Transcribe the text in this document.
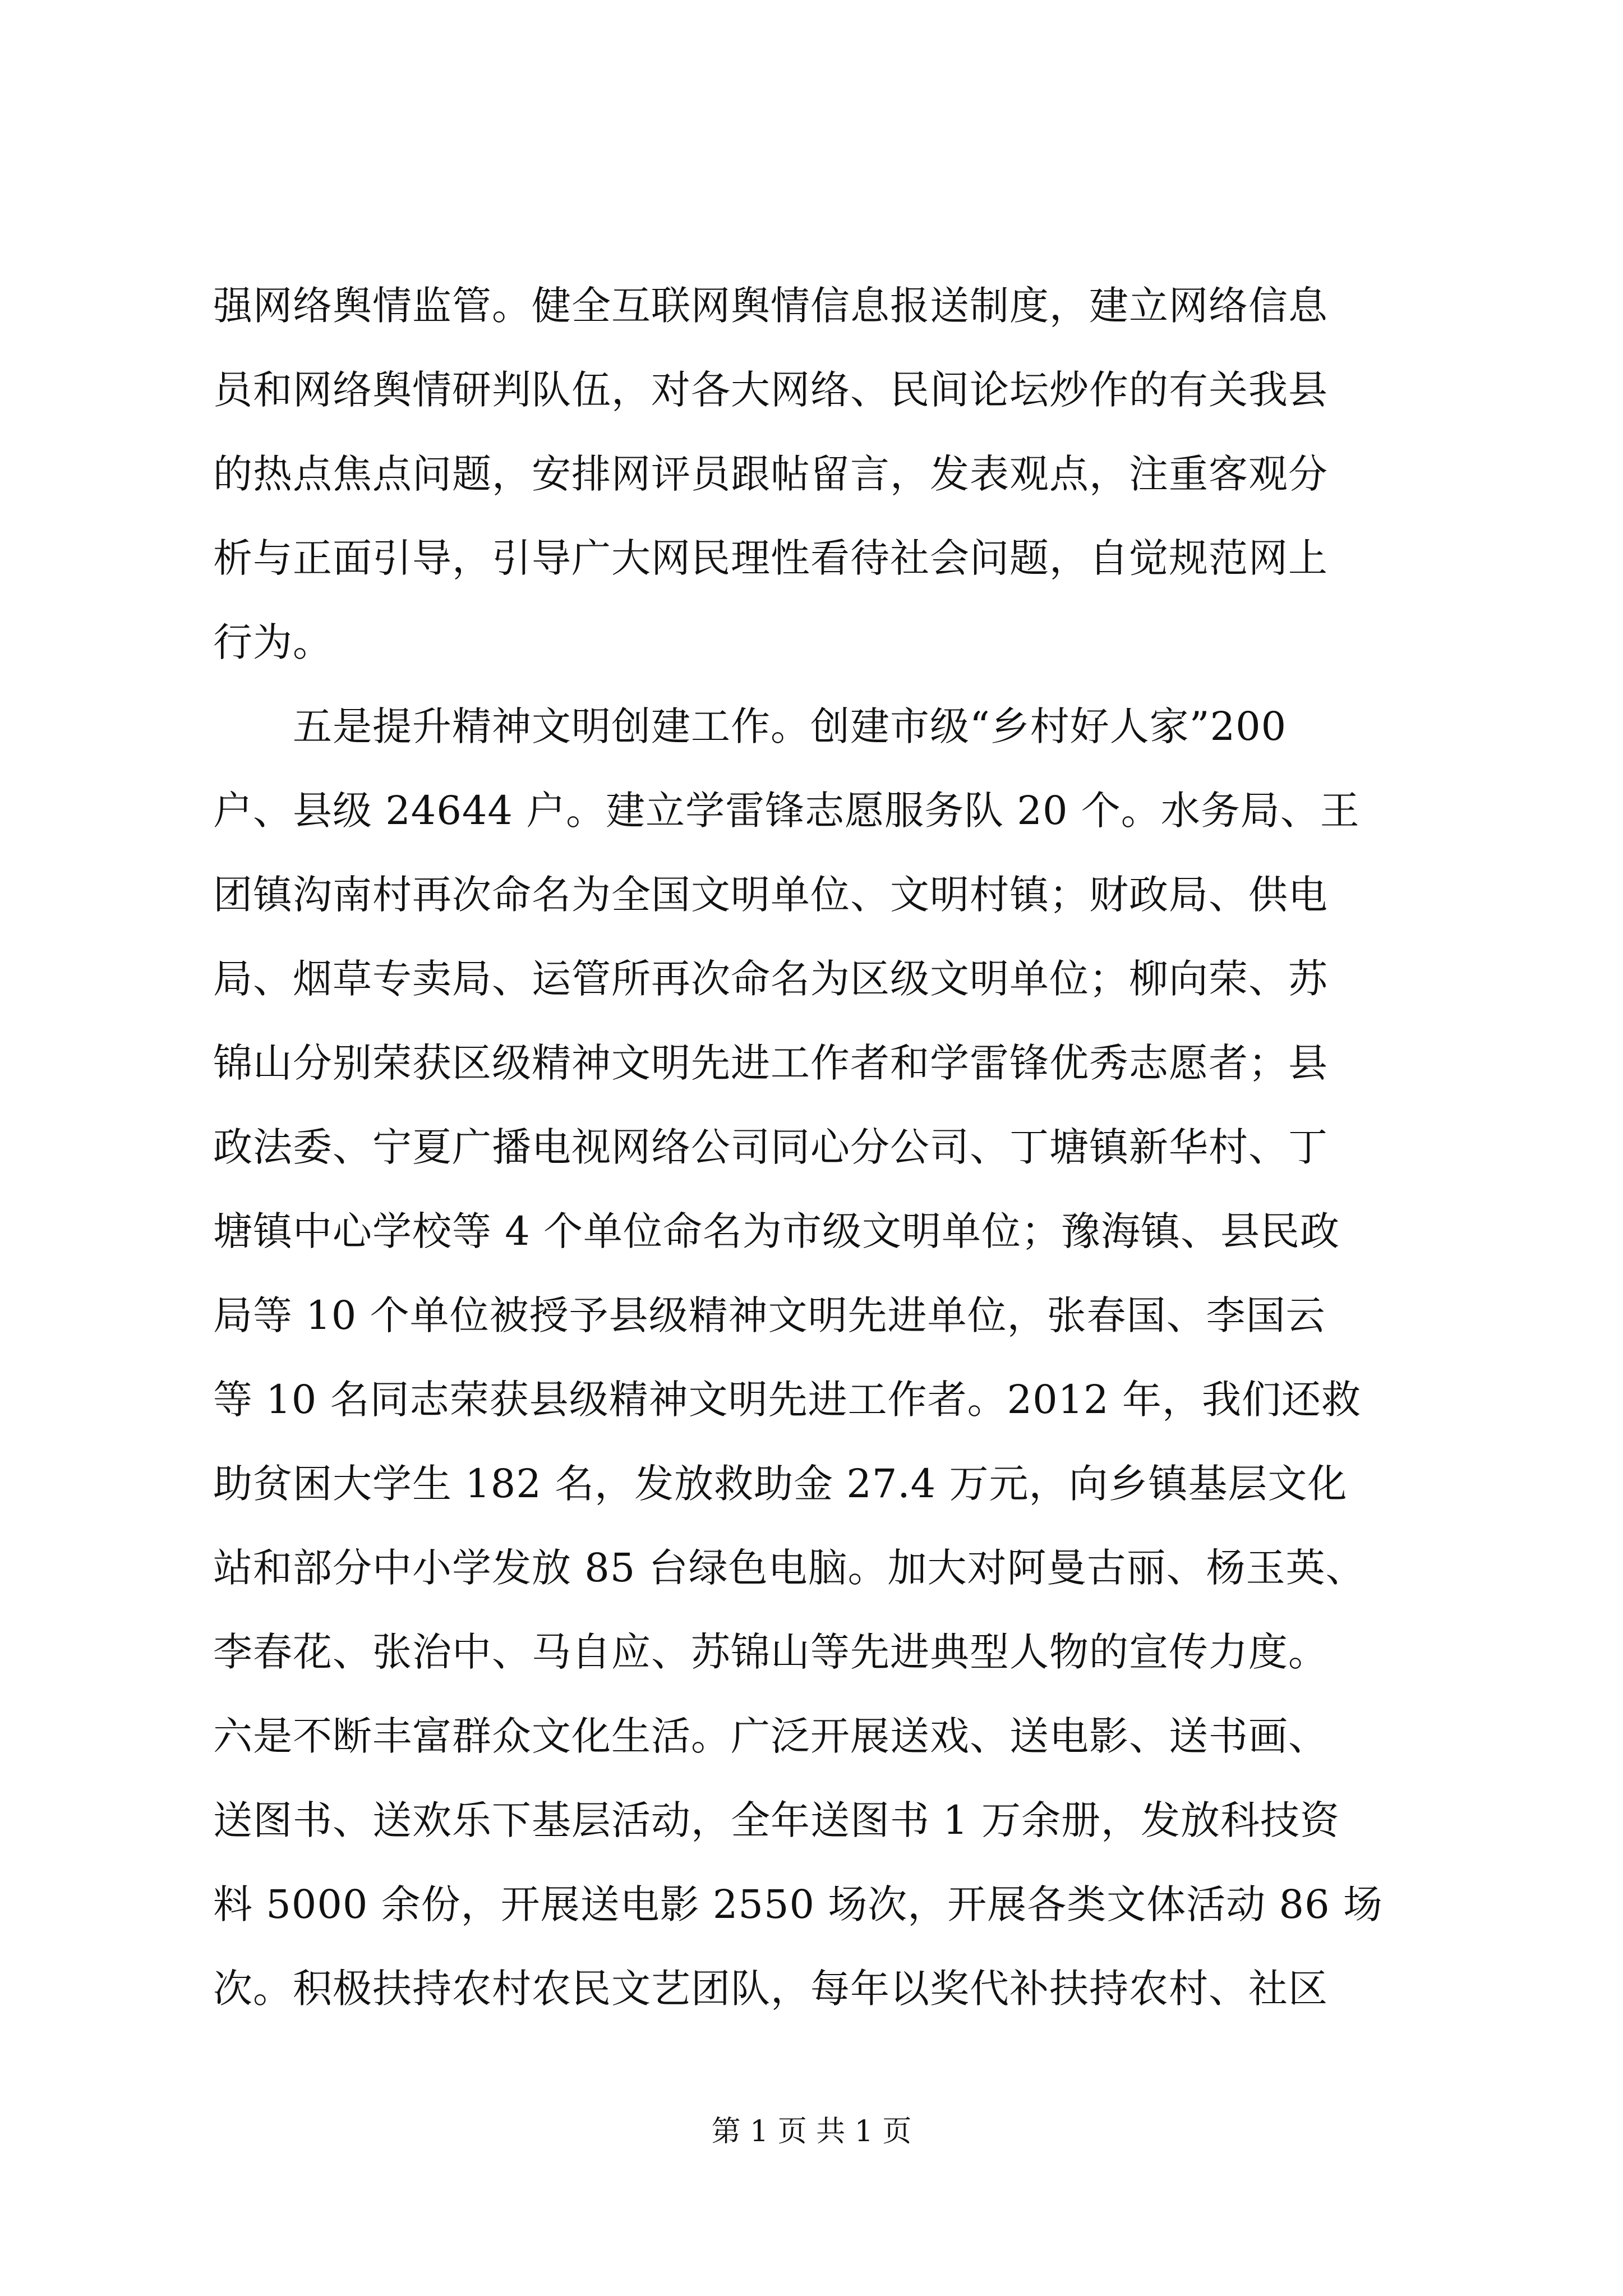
强网络舆情监管。健全互联网舆情信息报送制度，建立网络信息
员和网络舆情研判队伍，对各大网络、民间论坛炒作的有关我县
的热点焦点问题，安排网评员跟帖留言，发表观点，注重客观分
析与正面引导，引导广大网民理性看待社会问题，自觉规范网上
行为。
　　五是提升精神文明创建工作。创建市级“乡村好人家”200
户、县级 24644 户。建立学雷锋志愿服务队 20 个。水务局、王
团镇沟南村再次命名为全国文明单位、文明村镇；财政局、供电
局、烟草专卖局、运管所再次命名为区级文明单位；柳向荣、苏
锦山分别荣获区级精神文明先进工作者和学雷锋优秀志愿者；县
政法委、宁夏广播电视网络公司同心分公司、丁塘镇新华村、丁
塘镇中心学校等 4 个单位命名为市级文明单位；豫海镇、县民政
局等 10 个单位被授予县级精神文明先进单位，张春国、李国云
等 10 名同志荣获县级精神文明先进工作者。2012 年，我们还救
助贫困大学生 182 名，发放救助金 27.4 万元，向乡镇基层文化
站和部分中小学发放 85 台绿色电脑。加大对阿曼古丽、杨玉英、
李春花、张治中、马自应、苏锦山等先进典型人物的宣传力度。
六是不断丰富群众文化生活。广泛开展送戏、送电影、送书画、
送图书、送欢乐下基层活动，全年送图书 1 万余册，发放科技资
料 5000 余份，开展送电影 2550 场次，开展各类文体活动 86 场
次。积极扶持农村农民文艺团队，每年以奖代补扶持农村、社区
第 1 页 共 1 页
